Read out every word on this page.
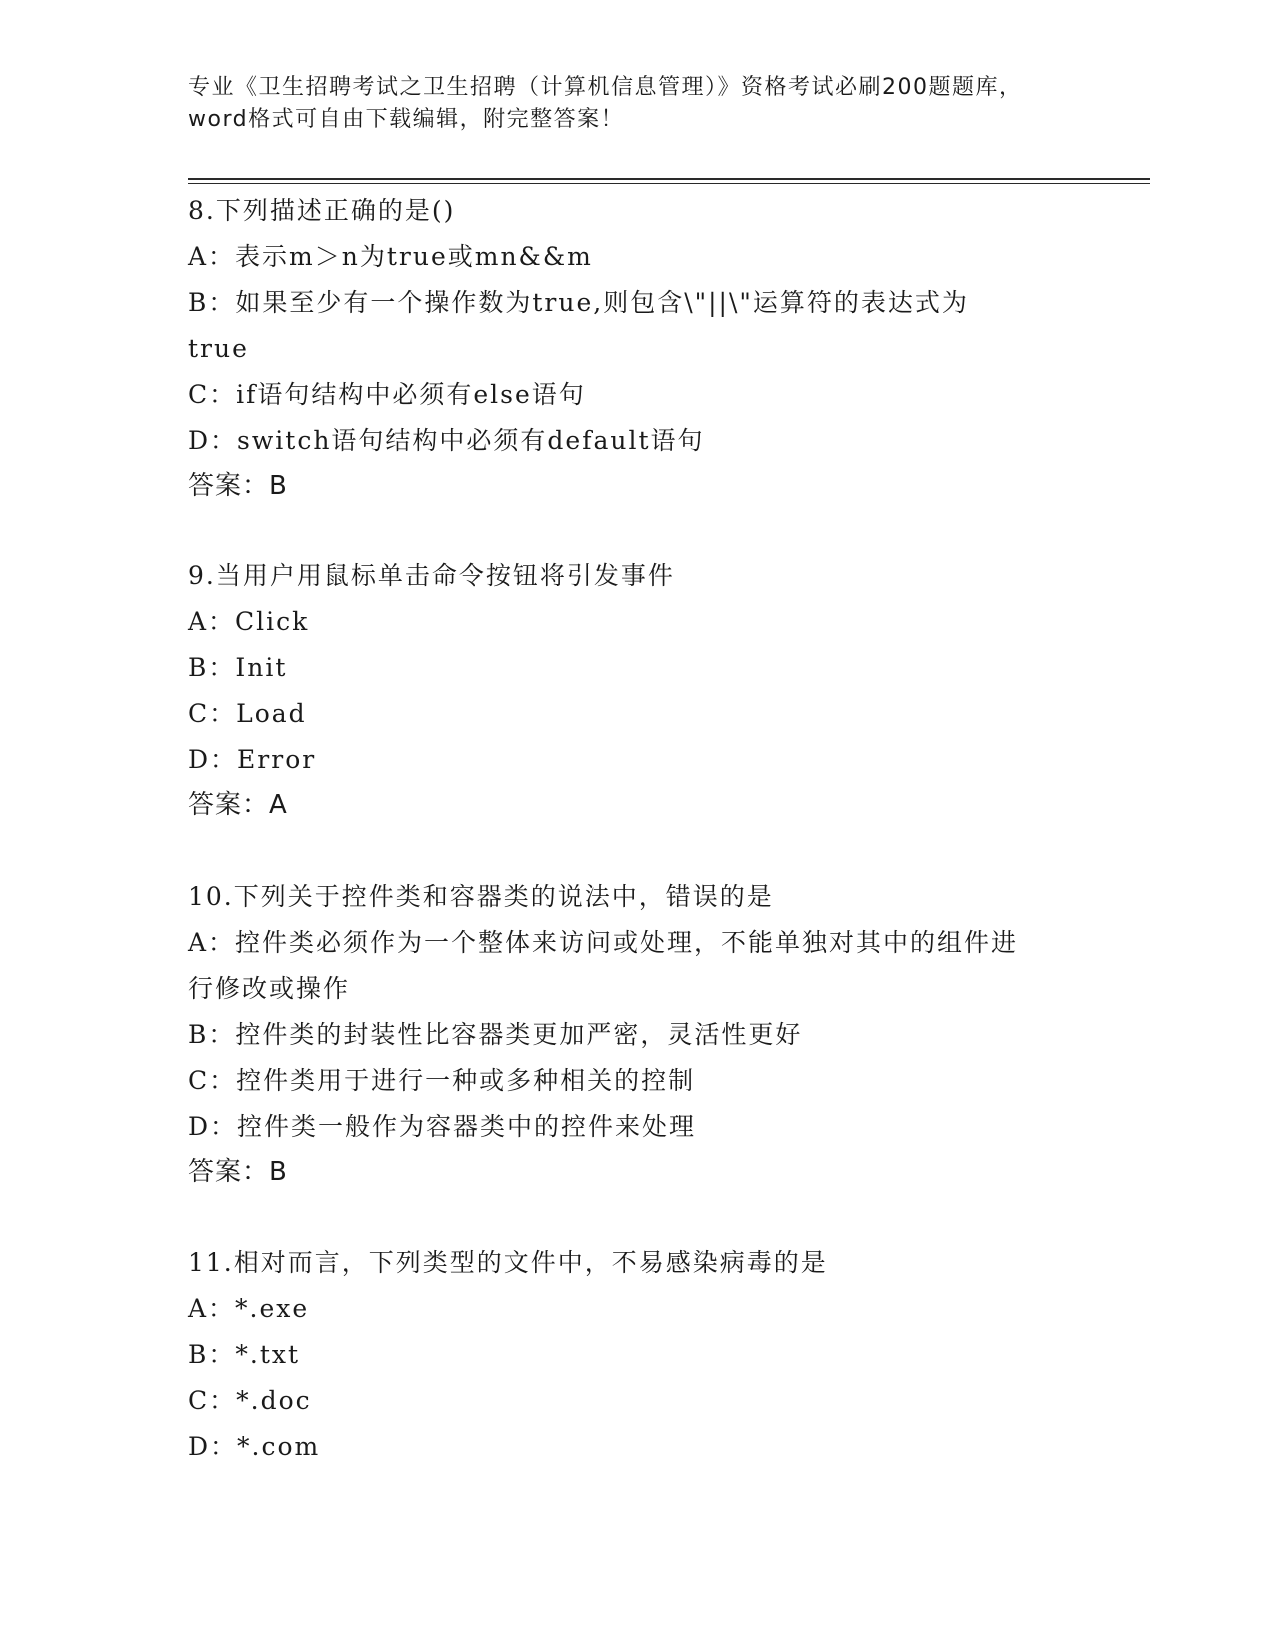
专业《卫生招聘考试之卫生招聘（计算机信息管理）》资格考试必刷200题题库，

word格式可自由下载编辑，附完整答案！

8.下列描述正确的是()
A：表示m＞n为true或mn&&m
B：如果至少有一个操作数为true,则包含\"||\"运算符的表达式为
true
C：if语句结构中必须有else语句
D：switch语句结构中必须有default语句
答案：B
9.当用户用鼠标单击命令按钮将引发事件
A：Click
B：Init
C：Load
D：Error
答案：A
10.下列关于控件类和容器类的说法中，错误的是
A：控件类必须作为一个整体来访问或处理，不能单独对其中的组件进
行修改或操作
B：控件类的封装性比容器类更加严密，灵活性更好
C：控件类用于进行一种或多种相关的控制
D：控件类一般作为容器类中的控件来处理
答案：B
11.相对而言，下列类型的文件中，不易感染病毒的是
A：*.exe
B：*.txt
C：*.doc
D：*.com
